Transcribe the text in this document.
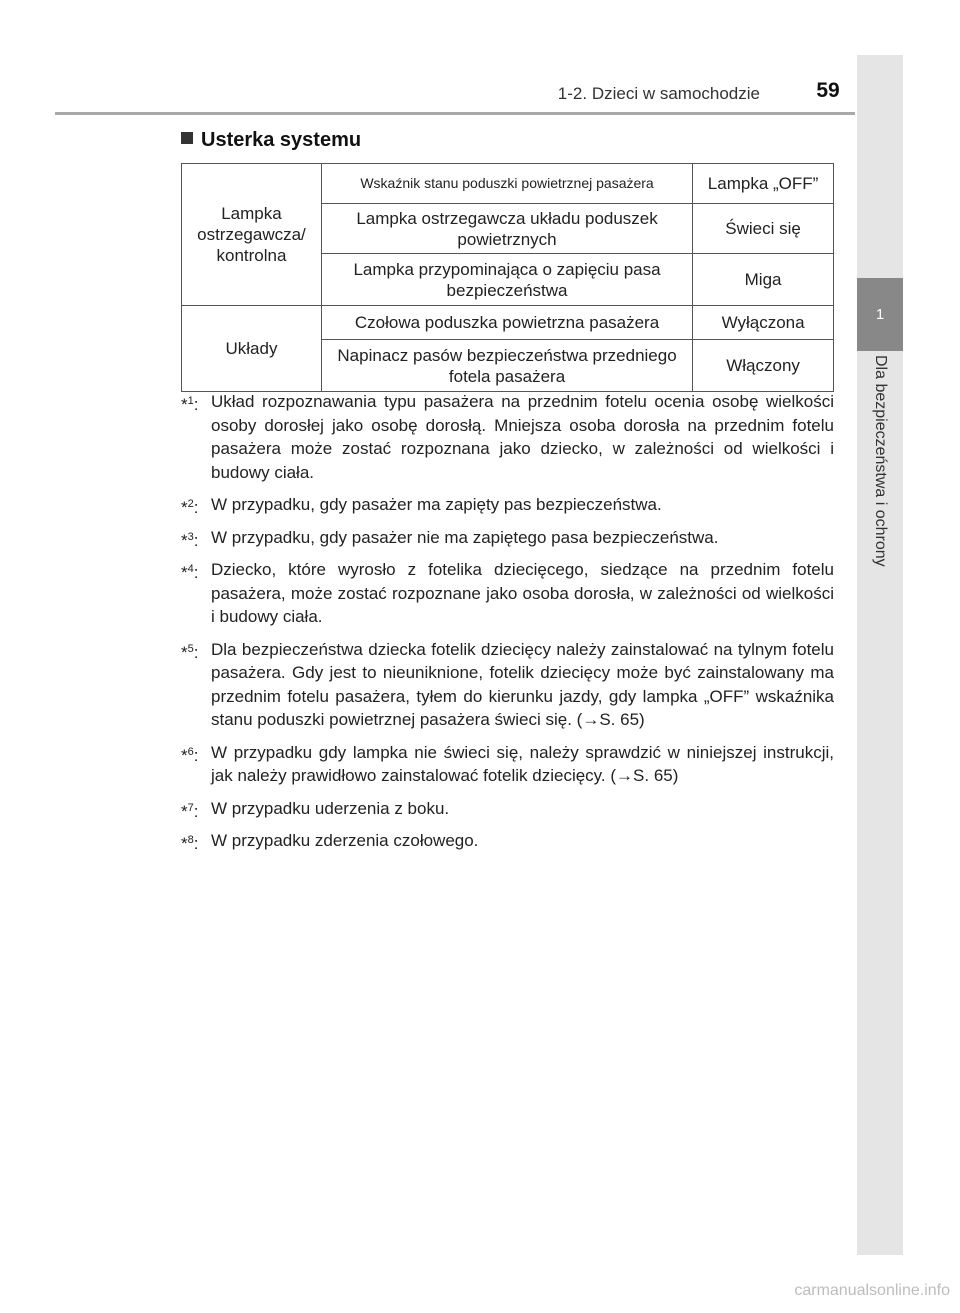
1-2. Dzieci w samochodzie	59
1
Dla bezpieczeństwa i ochrony
Usterka systemu
Lampka ostrzegawcza/ kontrolna	Wskaźnik stanu poduszki powietrznej pasażera	Lampka „OFF”
	Lampka ostrzegawcza układu poduszek powietrznych	Świeci się
	Lampka przypominająca o zapięciu pasa bezpieczeństwa	Miga
Układy	Czołowa poduszka powietrzna pasażera	Wyłączona
	Napinacz pasów bezpieczeństwa przedniego fotela pasażera	Włączony
*$^1$: Układ rozpoznawania typu pasażera na przednim fotelu ocenia osobę wielkości osoby dorosłej jako osobę dorosłą. Mniejsza osoba dorosła na przednim fotelu pasażera może zostać rozpoznana jako dziecko, w zależności od wielkości i budowy ciała.
*$^2$: W przypadku, gdy pasażer ma zapięty pas bezpieczeństwa.
*$^3$: W przypadku, gdy pasażer nie ma zapiętego pasa bezpieczeństwa.
*$^4$: Dziecko, które wyrosło z fotelika dziecięcego, siedzące na przednim fotelu pasażera, może zostać rozpoznane jako osoba dorosła, w zależności od wielkości i budowy ciała.
*$^5$: Dla bezpieczeństwa dziecka fotelik dziecięcy należy zainstalować na tylnym fotelu pasażera. Gdy jest to nieuniknione, fotelik dziecięcy może być zainstalowany ma przednim fotelu pasażera, tyłem do kierunku jazdy, gdy lampka „OFF” wskaźnika stanu poduszki powietrznej pasażera świeci się. (→S. 65)
*$^6$: W przypadku gdy lampka nie świeci się, należy sprawdzić w niniejszej instrukcji, jak należy prawidłowo zainstalować fotelik dziecięcy. (→S. 65)
*$^7$: W przypadku uderzenia z boku.
*$^8$: W przypadku zderzenia czołowego.
carmanualsonline.info
